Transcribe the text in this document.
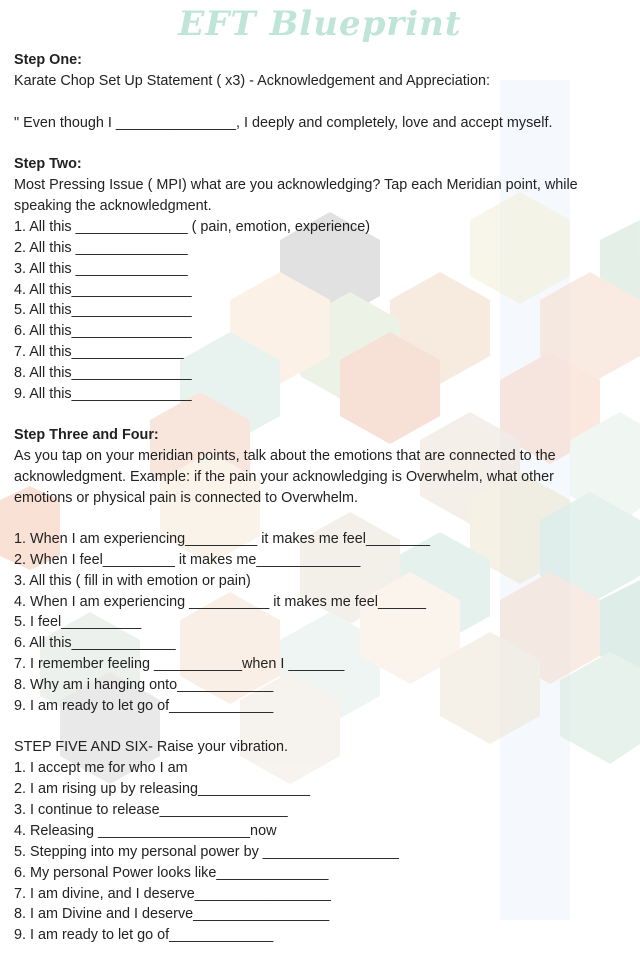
EFT Blueprint
Step One:
Karate Chop Set Up Statement ( x3) - Acknowledgement and Appreciation:
" Even though I _______________, I deeply and completely, love and accept myself.
Step Two:
Most Pressing Issue ( MPI) what are you acknowledging? Tap each Meridian point, while
speaking the acknowledgment.
1. All this ______________ ( pain, emotion, experience)
2. All this ______________
3. All this ______________
4. All this_______________
5. All this_______________
6. All this_______________
7. All this______________
8. All this_______________
9. All this_______________
Step Three and Four:
As you tap on your meridian points, talk about the emotions that are connected to the
acknowledgment. Example: if the pain your acknowledging is Overwhelm, what other
emotions or physical pain is connected to Overwhelm.
1. When I am experiencing_________ it makes me feel________
2. When I feel_________ it makes me_____________
3. All this ( fill in with emotion or pain)
4. When I am experiencing __________ it makes me feel______
5. I feel__________
6. All this_____________
7. I remember feeling ___________when I _______
8. Why am i hanging onto____________
9. I am ready to let go of_____________
STEP FIVE AND SIX- Raise your vibration.
1. I accept me for who I am
2. I am rising up by releasing______________
3. I continue to release________________
4. Releasing ___________________now
5. Stepping into my personal power by _________________
6. My personal Power looks like______________
7. I am divine, and I deserve_________________
8. I am Divine and I deserve_________________
9. I am ready to let go of_____________
